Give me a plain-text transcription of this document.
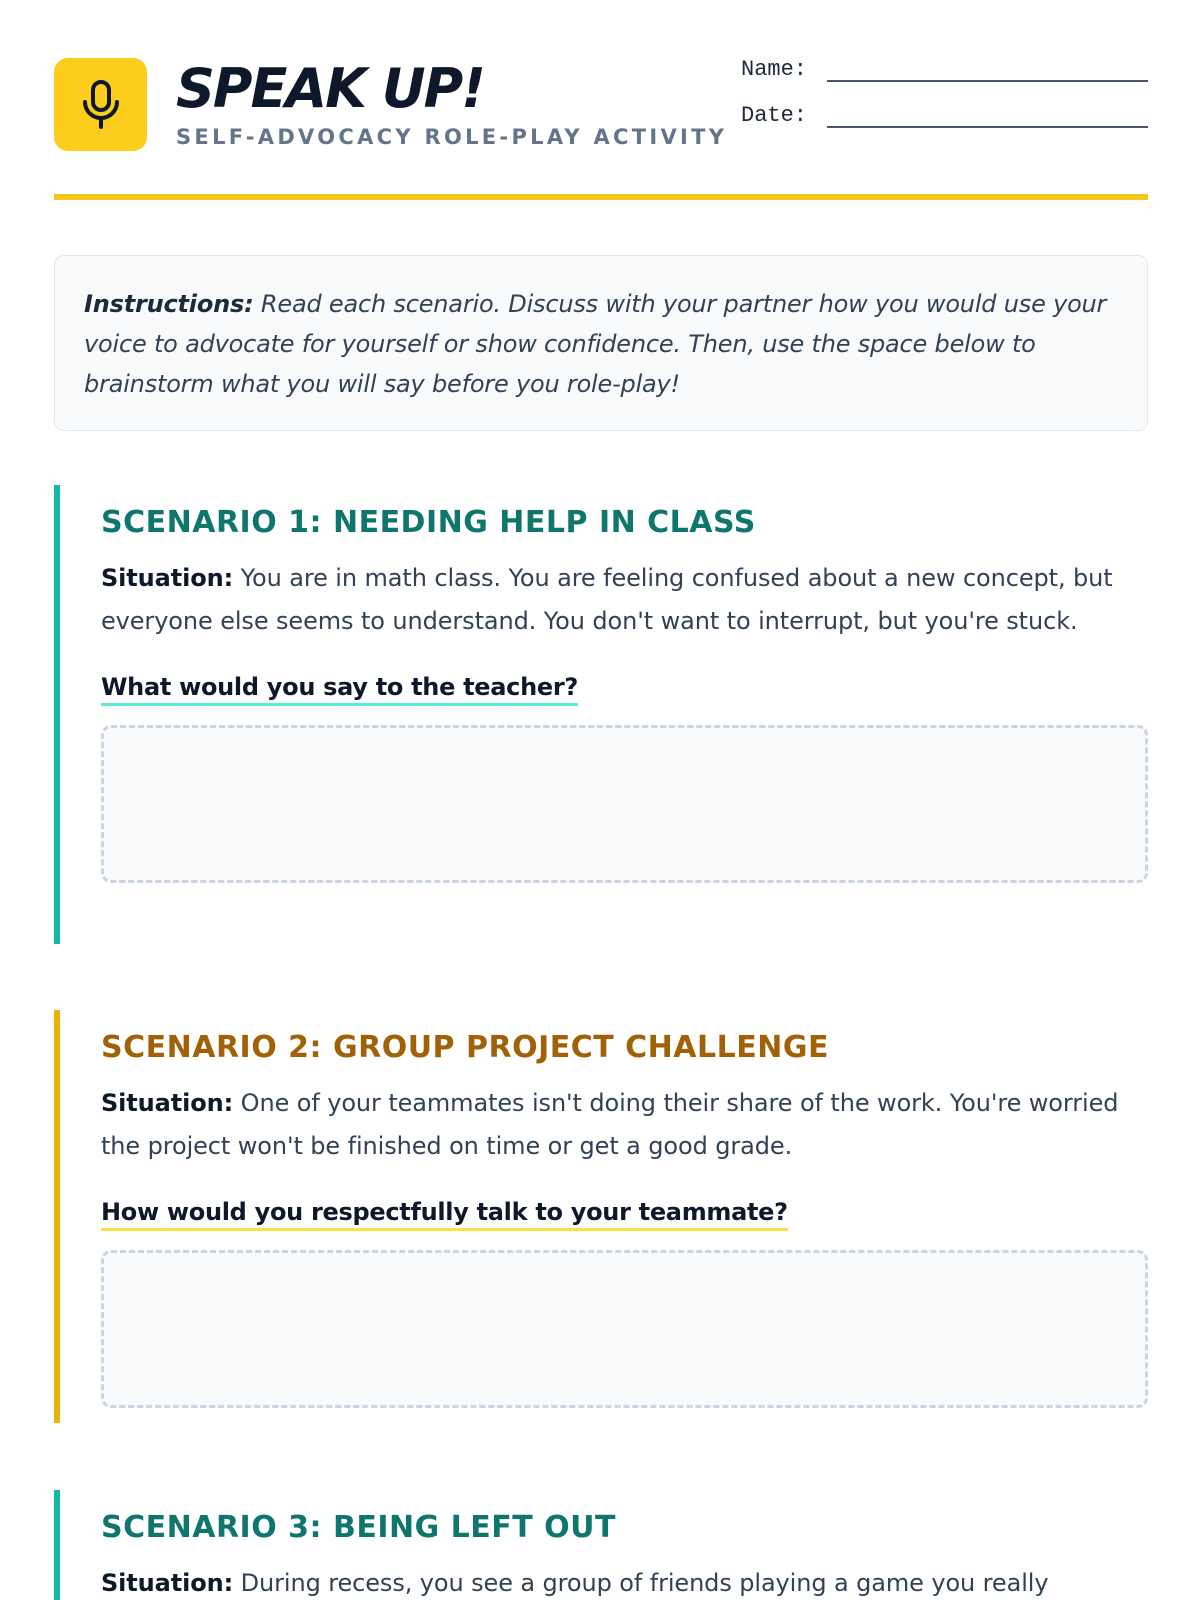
SPEAK UP!
SELF-ADVOCACY ROLE-PLAY ACTIVITY
Name:
Date:
Instructions: Read each scenario. Discuss with your partner how you would use your voice to advocate for yourself or show confidence. Then, use the space below to brainstorm what you will say before you role-play!
SCENARIO 1: NEEDING HELP IN CLASS
Situation: You are in math class. You are feeling confused about a new concept, but everyone else seems to understand. You don't want to interrupt, but you're stuck.
What would you say to the teacher?
SCENARIO 2: GROUP PROJECT CHALLENGE
Situation: One of your teammates isn't doing their share of the work. You're worried the project won't be finished on time or get a good grade.
How would you respectfully talk to your teammate?
SCENARIO 3: BEING LEFT OUT
Situation: During recess, you see a group of friends playing a game you really
